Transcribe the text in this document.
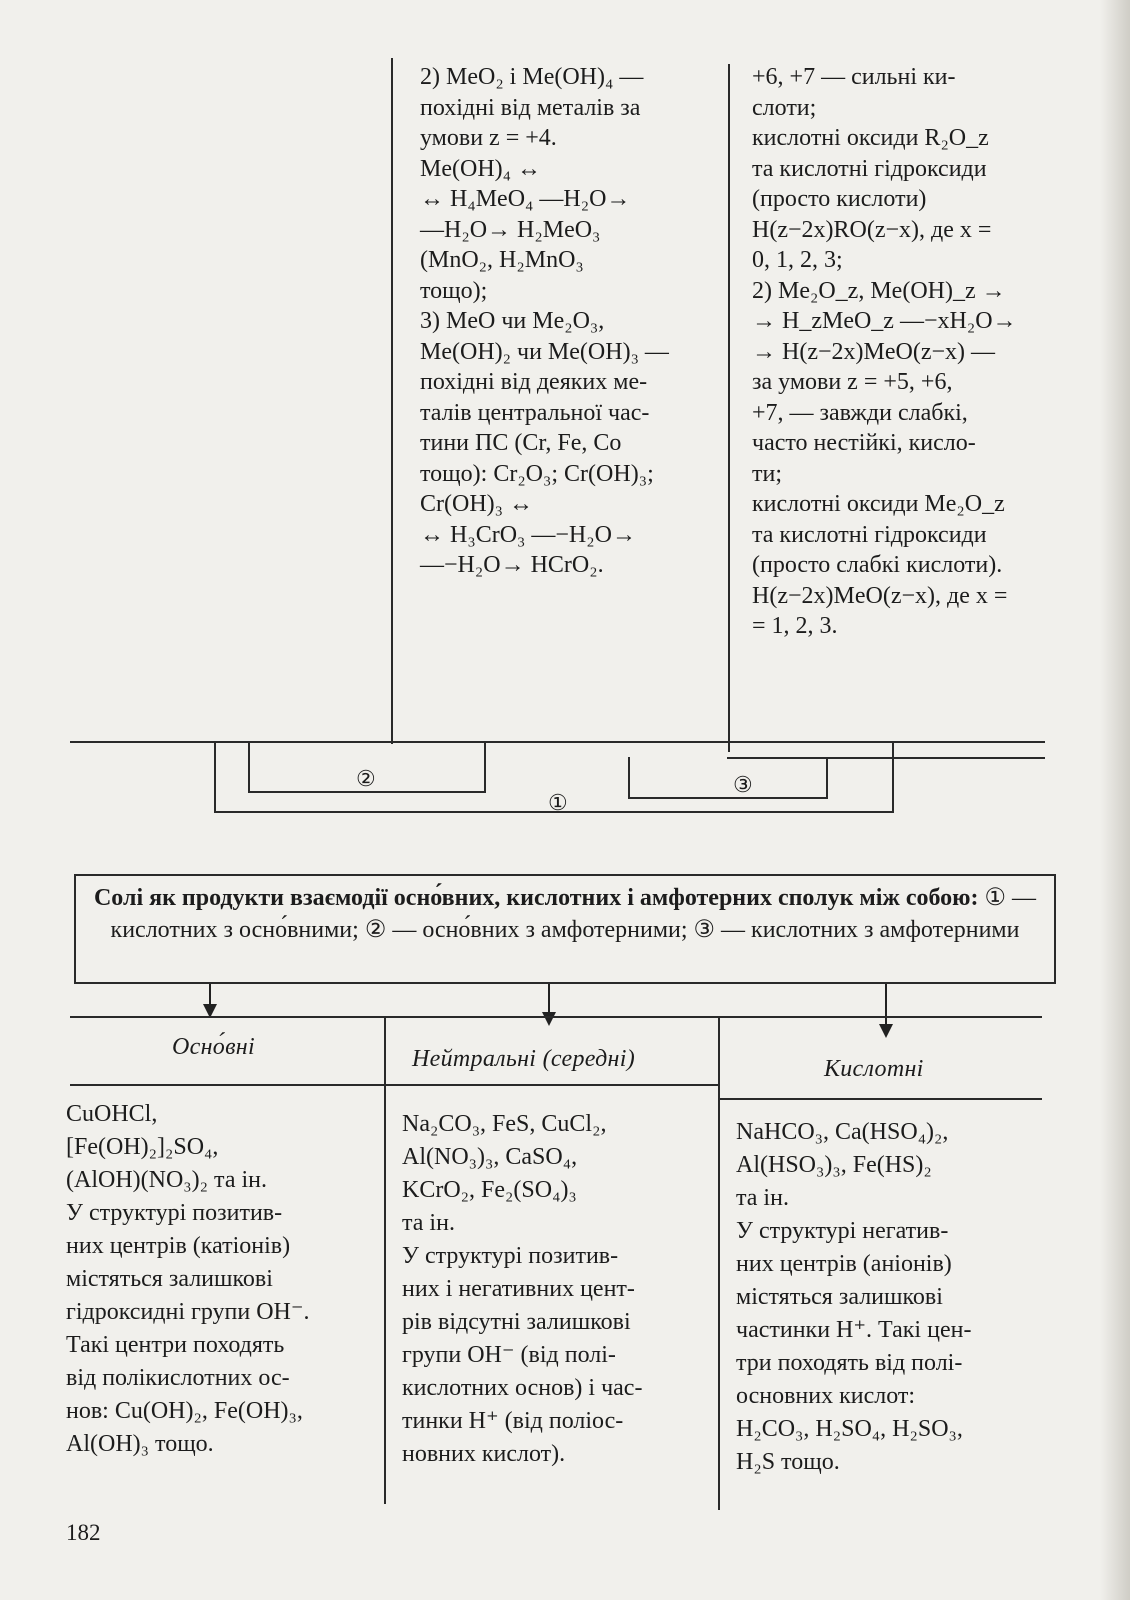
2) MeO₂ і Me(OH)₄ —
похідні від металів за
умови z = +4.
Me(OH)₄ ↔
↔ H₄MeO₄ —H₂O→
—H₂O→ H₂MeO₃
(MnO₂, H₂MnO₃
тощо);
3) MeO чи Me₂O₃,
Me(OH)₂ чи Me(OH)₃ —
похідні від деяких ме-
талів центральної час-
тини ПС (Cr, Fe, Co
тощо): Cr₂O₃; Cr(OH)₃;
Cr(OH)₃ ↔
↔ H₃CrO₃ —−H₂O→
—−H₂O→ HCrO₂.
+6, +7 — сильні ки-
слоти;
кислотні оксиди R₂O_z
та кислотні гідроксиди
(просто кислоти)
H(z−2x)RO(z−x), де x =
0, 1, 2, 3;
2) Me₂O_z, Me(OH)_z →
→ H_zMeO_z —−xH₂O→
→ H(z−2x)MeO(z−x) —
за умови z = +5, +6,
+7, — завжди слабкі,
часто нестійкі, кисло-
ти;
кислотні оксиди Me₂O_z
та кислотні гідроксиди
(просто слабкі кислоти).
H(z−2x)MeO(z−x), де x =
= 1, 2, 3.
②
①
③
Солі як продукти взаємодії осно́вних, кислотних і амфотерних сполук між собою: ① — кислотних з осно́вними; ② — осно́вних з амфотерними; ③ — кислотних з амфотерними
Осно́вні	Нейтральні (середні)	Кислотні
CuOHCl,
[Fe(OH)₂]₂SO₄,
(AlOH)(NO₃)₂ та ін.
У структурі позитив-
них центрів (катіонів)
містяться залишкові
гідроксидні групи OH⁻.
Такі центри походять
від полікислотних ос-
нов: Cu(OH)₂, Fe(OH)₃,
Al(OH)₃ тощо.
Na₂CO₃, FeS, CuCl₂,
Al(NO₃)₃, CaSO₄,
KCrO₂, Fe₂(SO₄)₃
та ін.
У структурі позитив-
них і негативних цент-
рів відсутні залишкові
групи OH⁻ (від полі-
кислотних основ) і час-
тинки H⁺ (від поліос-
новних кислот).
NaHCO₃, Ca(HSO₄)₂,
Al(HSO₃)₃, Fe(HS)₂
та ін.
У структурі негатив-
них центрів (аніонів)
містяться залишкові
частинки H⁺. Такі цен-
три походять від полі-
основних кислот:
H₂CO₃, H₂SO₄, H₂SO₃,
H₂S тощо.
182
